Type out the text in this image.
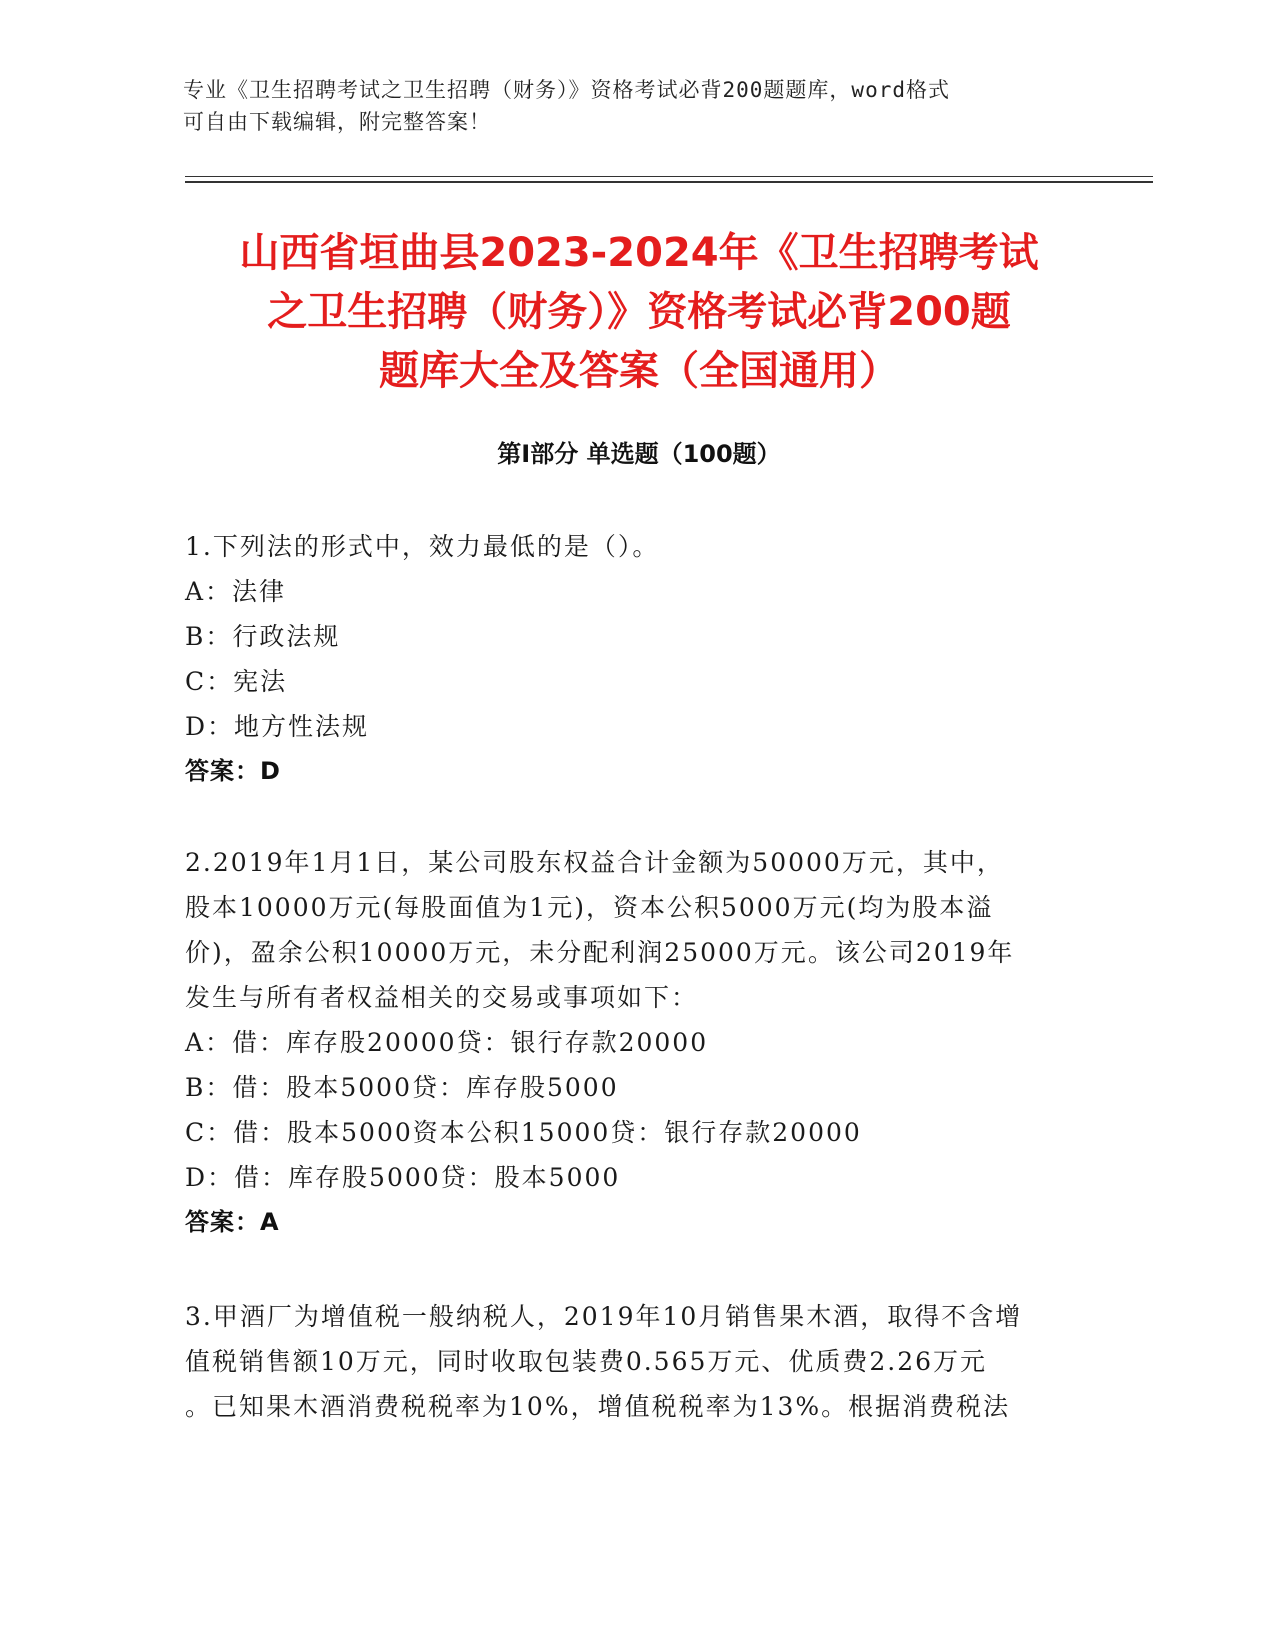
专业《卫生招聘考试之卫生招聘（财务）》资格考试必背200题题库，word格式
可自由下载编辑，附完整答案！
山西省垣曲县2023-2024年《卫生招聘考试
之卫生招聘（财务）》资格考试必背200题
题库大全及答案（全国通用）
第Ⅰ部分 单选题（100题）
1.下列法的形式中，效力最低的是（）。
A：法律
B：行政法规
C：宪法
D：地方性法规
答案：D
2.2019年1月1日，某公司股东权益合计金额为50000万元，其中，
股本10000万元(每股面值为1元)，资本公积5000万元(均为股本溢
价)，盈余公积10000万元，未分配利润25000万元。该公司2019年
发生与所有者权益相关的交易或事项如下：
A：借：库存股20000贷：银行存款20000
B：借：股本5000贷：库存股5000
C：借：股本5000资本公积15000贷：银行存款20000
D：借：库存股5000贷：股本5000
答案：A
3.甲酒厂为增值税一般纳税人，2019年10月销售果木酒，取得不含增
值税销售额10万元，同时收取包装费0.565万元、优质费2.26万元
。已知果木酒消费税税率为10%，增值税税率为13%。根据消费税法
